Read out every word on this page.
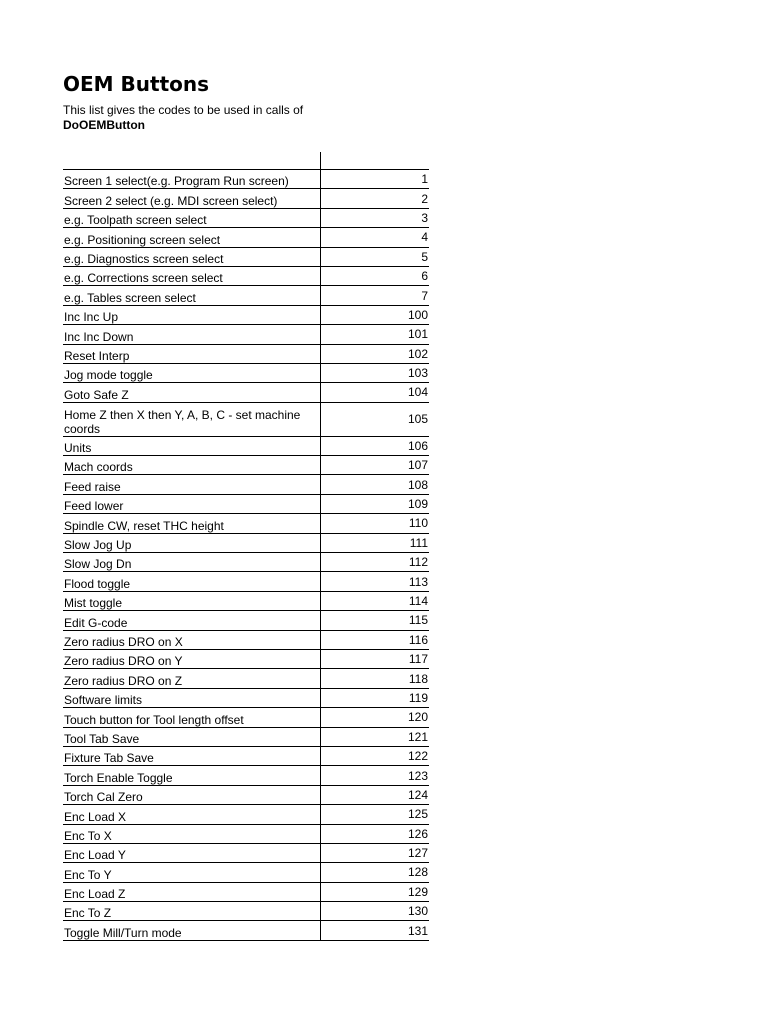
OEM Buttons
This list gives the codes to be used in calls of
DoOEMButton

Screen 1 select(e.g. Program Run screen)	1
Screen 2 select (e.g. MDI screen select)	2
e.g. Toolpath screen select	3
e.g. Positioning screen select	4
e.g. Diagnostics screen select	5
e.g. Corrections screen select	6
e.g. Tables screen select	7
Inc Inc Up	100
Inc Inc Down	101
Reset Interp	102
Jog mode toggle	103
Goto Safe Z	104
Home Z then X then Y, A, B, C - set machine coords	105
Units	106
Mach coords	107
Feed raise	108
Feed lower	109
Spindle CW, reset THC height	110
Slow Jog Up	111
Slow Jog Dn	112
Flood toggle	113
Mist toggle	114
Edit G-code	115
Zero radius DRO on X	116
Zero radius DRO on Y	117
Zero radius DRO on Z	118
Software limits	119
Touch button for Tool length offset	120
Tool Tab Save	121
Fixture Tab Save	122
Torch Enable Toggle	123
Torch Cal Zero	124
Enc Load X	125
Enc To X	126
Enc Load Y	127
Enc To Y	128
Enc Load Z	129
Enc To Z	130
Toggle Mill/Turn mode	131
